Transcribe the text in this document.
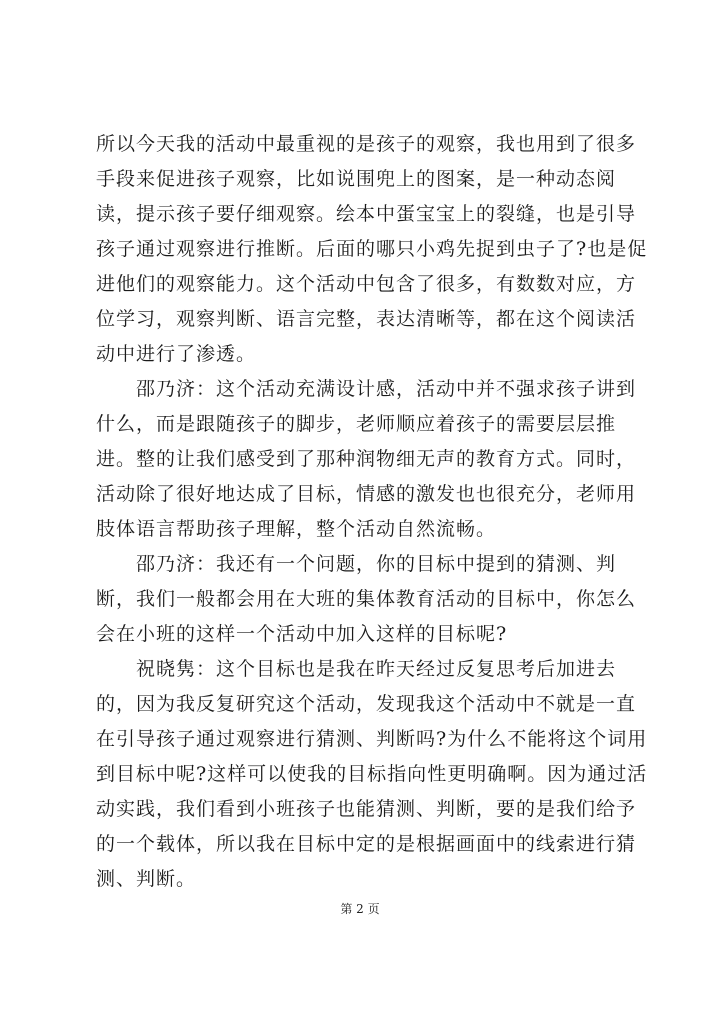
所以今天我的活动中最重视的是孩子的观察，我也用到了很多
手段来促进孩子观察，比如说围兜上的图案，是一种动态阅
读，提示孩子要仔细观察。绘本中蛋宝宝上的裂缝，也是引导
孩子通过观察进行推断。后面的哪只小鸡先捉到虫子了?也是促
进他们的观察能力。这个活动中包含了很多，有数数对应，方
位学习，观察判断、语言完整，表达清晰等，都在这个阅读活
动中进行了渗透。
　　邵乃济：这个活动充满设计感，活动中并不强求孩子讲到
什么，而是跟随孩子的脚步，老师顺应着孩子的需要层层推
进。整的让我们感受到了那种润物细无声的教育方式。同时，
活动除了很好地达成了目标，情感的激发也也很充分，老师用
肢体语言帮助孩子理解，整个活动自然流畅。
　　邵乃济：我还有一个问题，你的目标中提到的猜测、判
断，我们一般都会用在大班的集体教育活动的目标中，你怎么
会在小班的这样一个活动中加入这样的目标呢?
　　祝晓隽：这个目标也是我在昨天经过反复思考后加进去
的，因为我反复研究这个活动，发现我这个活动中不就是一直
在引导孩子通过观察进行猜测、判断吗?为什么不能将这个词用
到目标中呢?这样可以使我的目标指向性更明确啊。因为通过活
动实践，我们看到小班孩子也能猜测、判断，要的是我们给予
的一个载体，所以我在目标中定的是根据画面中的线索进行猜
测、判断。
第 2 页
